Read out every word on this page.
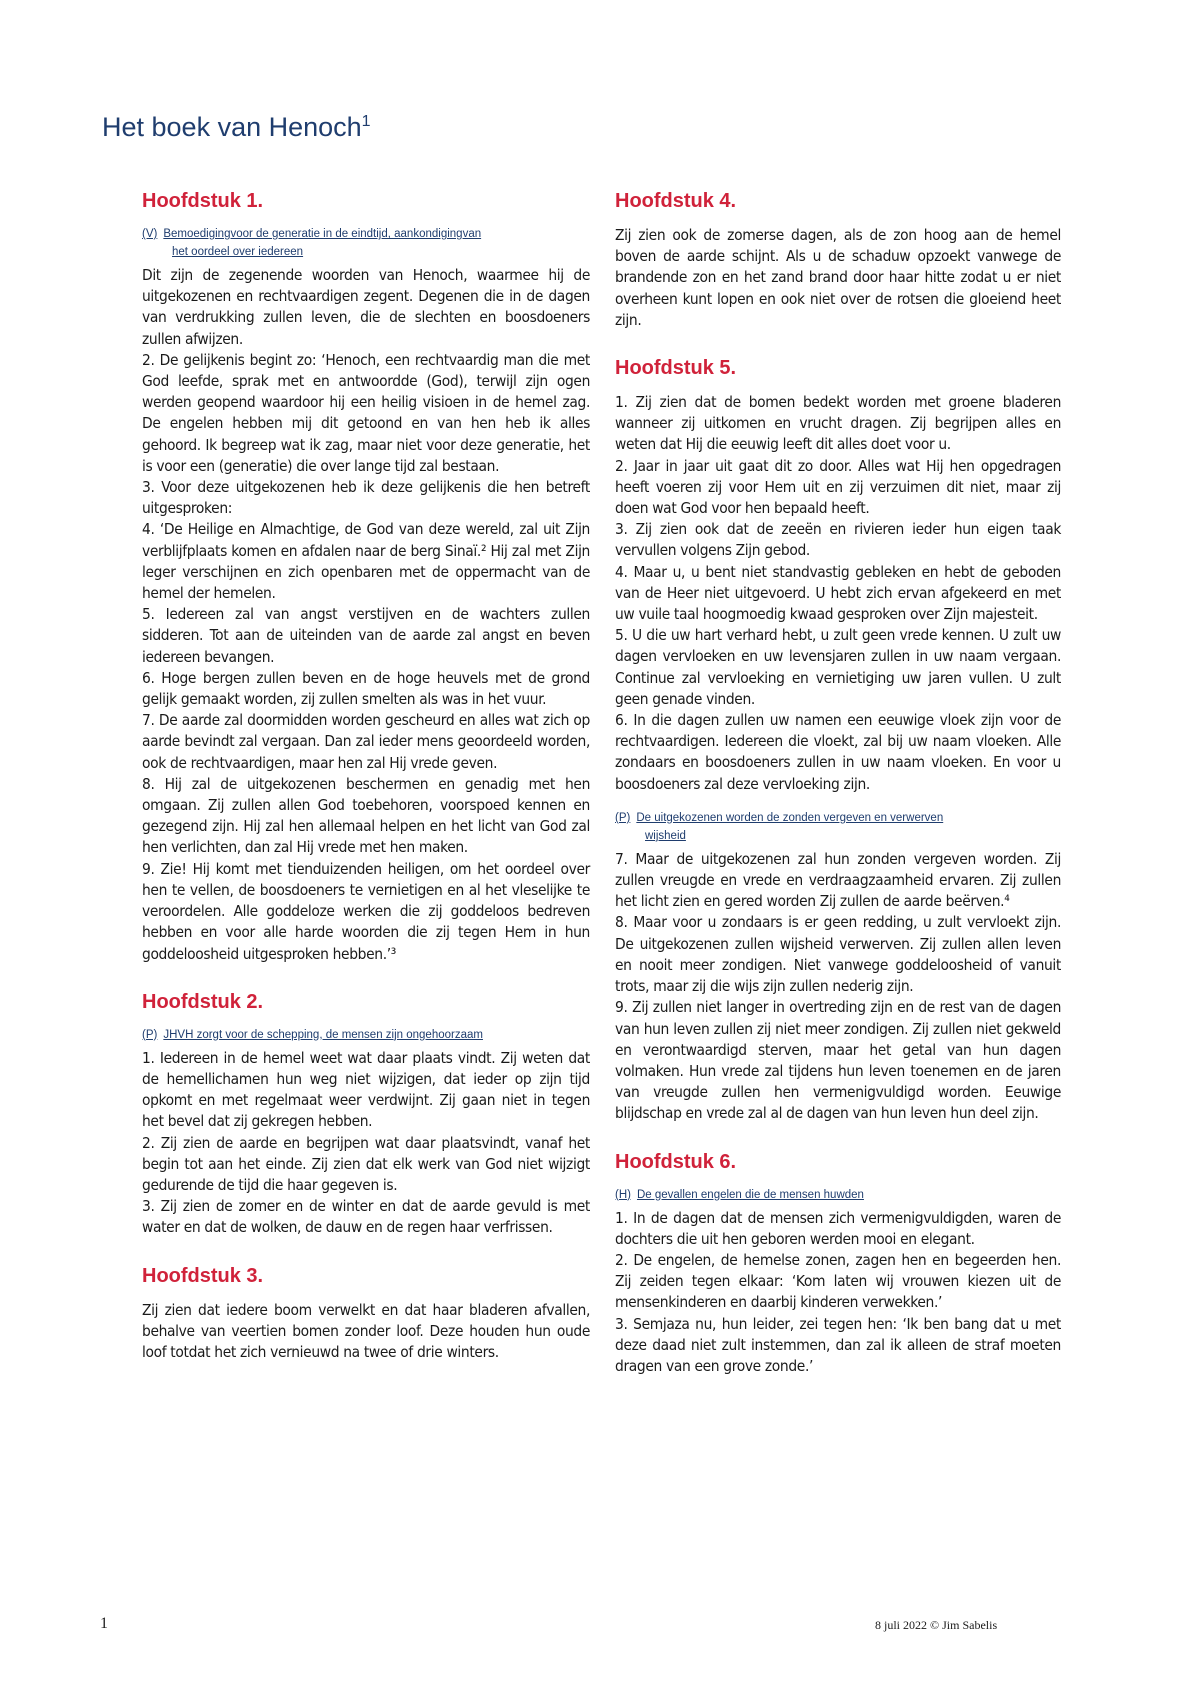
Het boek van Henoch$^1$
Hoofdstuk 1.
(V) Bemoedigingvoor de generatie in de eindtijd, aankondigingvan
het oordeel over iedereen

Dit zijn de zegenende woorden van Henoch, waarmee hij de uitgekozenen en rechtvaardigen zegent. Degenen die in de dagen van verdrukking zullen leven, die de slechten en boosdoeners zullen afwijzen.

2. De gelijkenis begint zo: ‘Henoch, een rechtvaardig man die met God leefde, sprak met en antwoordde (God), terwijl zijn ogen werden geopend waardoor hij een heilig visioen in de hemel zag. De engelen hebben mij dit getoond en van hen heb ik alles gehoord. Ik begreep wat ik zag, maar niet voor deze generatie, het is voor een (generatie) die over lange tijd zal bestaan.

3. Voor deze uitgekozenen heb ik deze gelijkenis die hen betreft uitgesproken:

4. ‘De Heilige en Almachtige, de God van deze wereld, zal uit Zijn verblijfplaats komen en afdalen naar de berg Sinaï.² Hij zal met Zijn leger verschijnen en zich openbaren met de oppermacht van de hemel der hemelen.

5. Iedereen zal van angst verstijven en de wachters zullen sidderen. Tot aan de uiteinden van de aarde zal angst en beven iedereen bevangen.

6. Hoge bergen zullen beven en de hoge heuvels met de grond gelijk gemaakt worden, zij zullen smelten als was in het vuur.

7. De aarde zal doormidden worden gescheurd en alles wat zich op aarde bevindt zal vergaan. Dan zal ieder mens geoordeeld worden, ook de rechtvaardigen, maar hen zal Hij vrede geven.

8. Hij zal de uitgekozenen beschermen en genadig met hen omgaan. Zij zullen allen God toebehoren, voorspoed kennen en gezegend zijn. Hij zal hen allemaal helpen en het licht van God zal hen verlichten, dan zal Hij vrede met hen maken.

9. Zie! Hij komt met tienduizenden heiligen, om het oordeel over hen te vellen, de boosdoeners te vernietigen en al het vleselijke te veroordelen. Alle goddeloze werken die zij goddeloos bedreven hebben en voor alle harde woorden die zij tegen Hem in hun goddeloosheid uitgesproken hebben.’³

Hoofdstuk 2.
(P) JHVH zorgt voor de schepping, de mensen zijn ongehoorzaam

1. Iedereen in de hemel weet wat daar plaats vindt. Zij weten dat de hemellichamen hun weg niet wijzigen, dat ieder op zijn tijd opkomt en met regelmaat weer verdwijnt. Zij gaan niet in tegen het bevel dat zij gekregen hebben.

2. Zij zien de aarde en begrijpen wat daar plaatsvindt, vanaf het begin tot aan het einde. Zij zien dat elk werk van God niet wijzigt gedurende de tijd die haar gegeven is.

3. Zij zien de zomer en de winter en dat de aarde gevuld is met water en dat de wolken, de dauw en de regen haar verfrissen.

Hoofdstuk 3.

Zij zien dat iedere boom verwelkt en dat haar bladeren afvallen, behalve van veertien bomen zonder loof. Deze houden hun oude loof totdat het zich vernieuwd na twee of drie winters.

Hoofdstuk 4.

Zij zien ook de zomerse dagen, als de zon hoog aan de hemel boven de aarde schijnt. Als u de schaduw opzoekt vanwege de brandende zon en het zand brand door haar hitte zodat u er niet overheen kunt lopen en ook niet over de rotsen die gloeiend heet zijn.

Hoofdstuk 5.

1. Zij zien dat de bomen bedekt worden met groene bladeren wanneer zij uitkomen en vrucht dragen. Zij begrijpen alles en weten dat Hij die eeuwig leeft dit alles doet voor u.

2. Jaar in jaar uit gaat dit zo door. Alles wat Hij hen opgedragen heeft voeren zij voor Hem uit en zij verzuimen dit niet, maar zij doen wat God voor hen bepaald heeft.

3. Zij zien ook dat de zeeën en rivieren ieder hun eigen taak vervullen volgens Zijn gebod.

4. Maar u, u bent niet standvastig gebleken en hebt de geboden van de Heer niet uitgevoerd. U hebt zich ervan afgekeerd en met uw vuile taal hoogmoedig kwaad gesproken over Zijn majesteit.

5. U die uw hart verhard hebt, u zult geen vrede kennen. U zult uw dagen vervloeken en uw levensjaren zullen in uw naam vergaan. Continue zal vervloeking en vernietiging uw jaren vullen. U zult geen genade vinden.

6. In die dagen zullen uw namen een eeuwige vloek zijn voor de rechtvaardigen. Iedereen die vloekt, zal bij uw naam vloeken. Alle zondaars en boosdoeners zullen in uw naam vloeken. En voor u boosdoeners zal deze vervloeking zijn.

(P) De uitgekozenen worden de zonden vergeven en verwerven
wijsheid

7. Maar de uitgekozenen zal hun zonden vergeven worden. Zij zullen vreugde en vrede en verdraagzaamheid ervaren. Zij zullen het licht zien en gered worden Zij zullen de aarde beërven.⁴

8. Maar voor u zondaars is er geen redding, u zult vervloekt zijn. De uitgekozenen zullen wijsheid verwerven. Zij zullen allen leven en nooit meer zondigen. Niet vanwege goddeloosheid of vanuit trots, maar zij die wijs zijn zullen nederig zijn.

9. Zij zullen niet langer in overtreding zijn en de rest van de dagen van hun leven zullen zij niet meer zondigen. Zij zullen niet gekweld en verontwaardigd sterven, maar het getal van hun dagen volmaken. Hun vrede zal tijdens hun leven toenemen en de jaren van vreugde zullen hen vermenigvuldigd worden. Eeuwige blijdschap en vrede zal al de dagen van hun leven hun deel zijn.

Hoofdstuk 6.
(H) De gevallen engelen die de mensen huwden

1. In de dagen dat de mensen zich vermenigvuldigden, waren de dochters die uit hen geboren werden mooi en elegant.

2. De engelen, de hemelse zonen, zagen hen en begeerden hen. Zij zeiden tegen elkaar: ‘Kom laten wij vrouwen kiezen uit de mensenkinderen en daarbij kinderen verwekken.’

3. Semjaza nu, hun leider, zei tegen hen: ‘Ik ben bang dat u met deze daad niet zult instemmen, dan zal ik alleen de straf moeten dragen van een grove zonde.’

1	8 juli 2022 © Jim Sabelis
